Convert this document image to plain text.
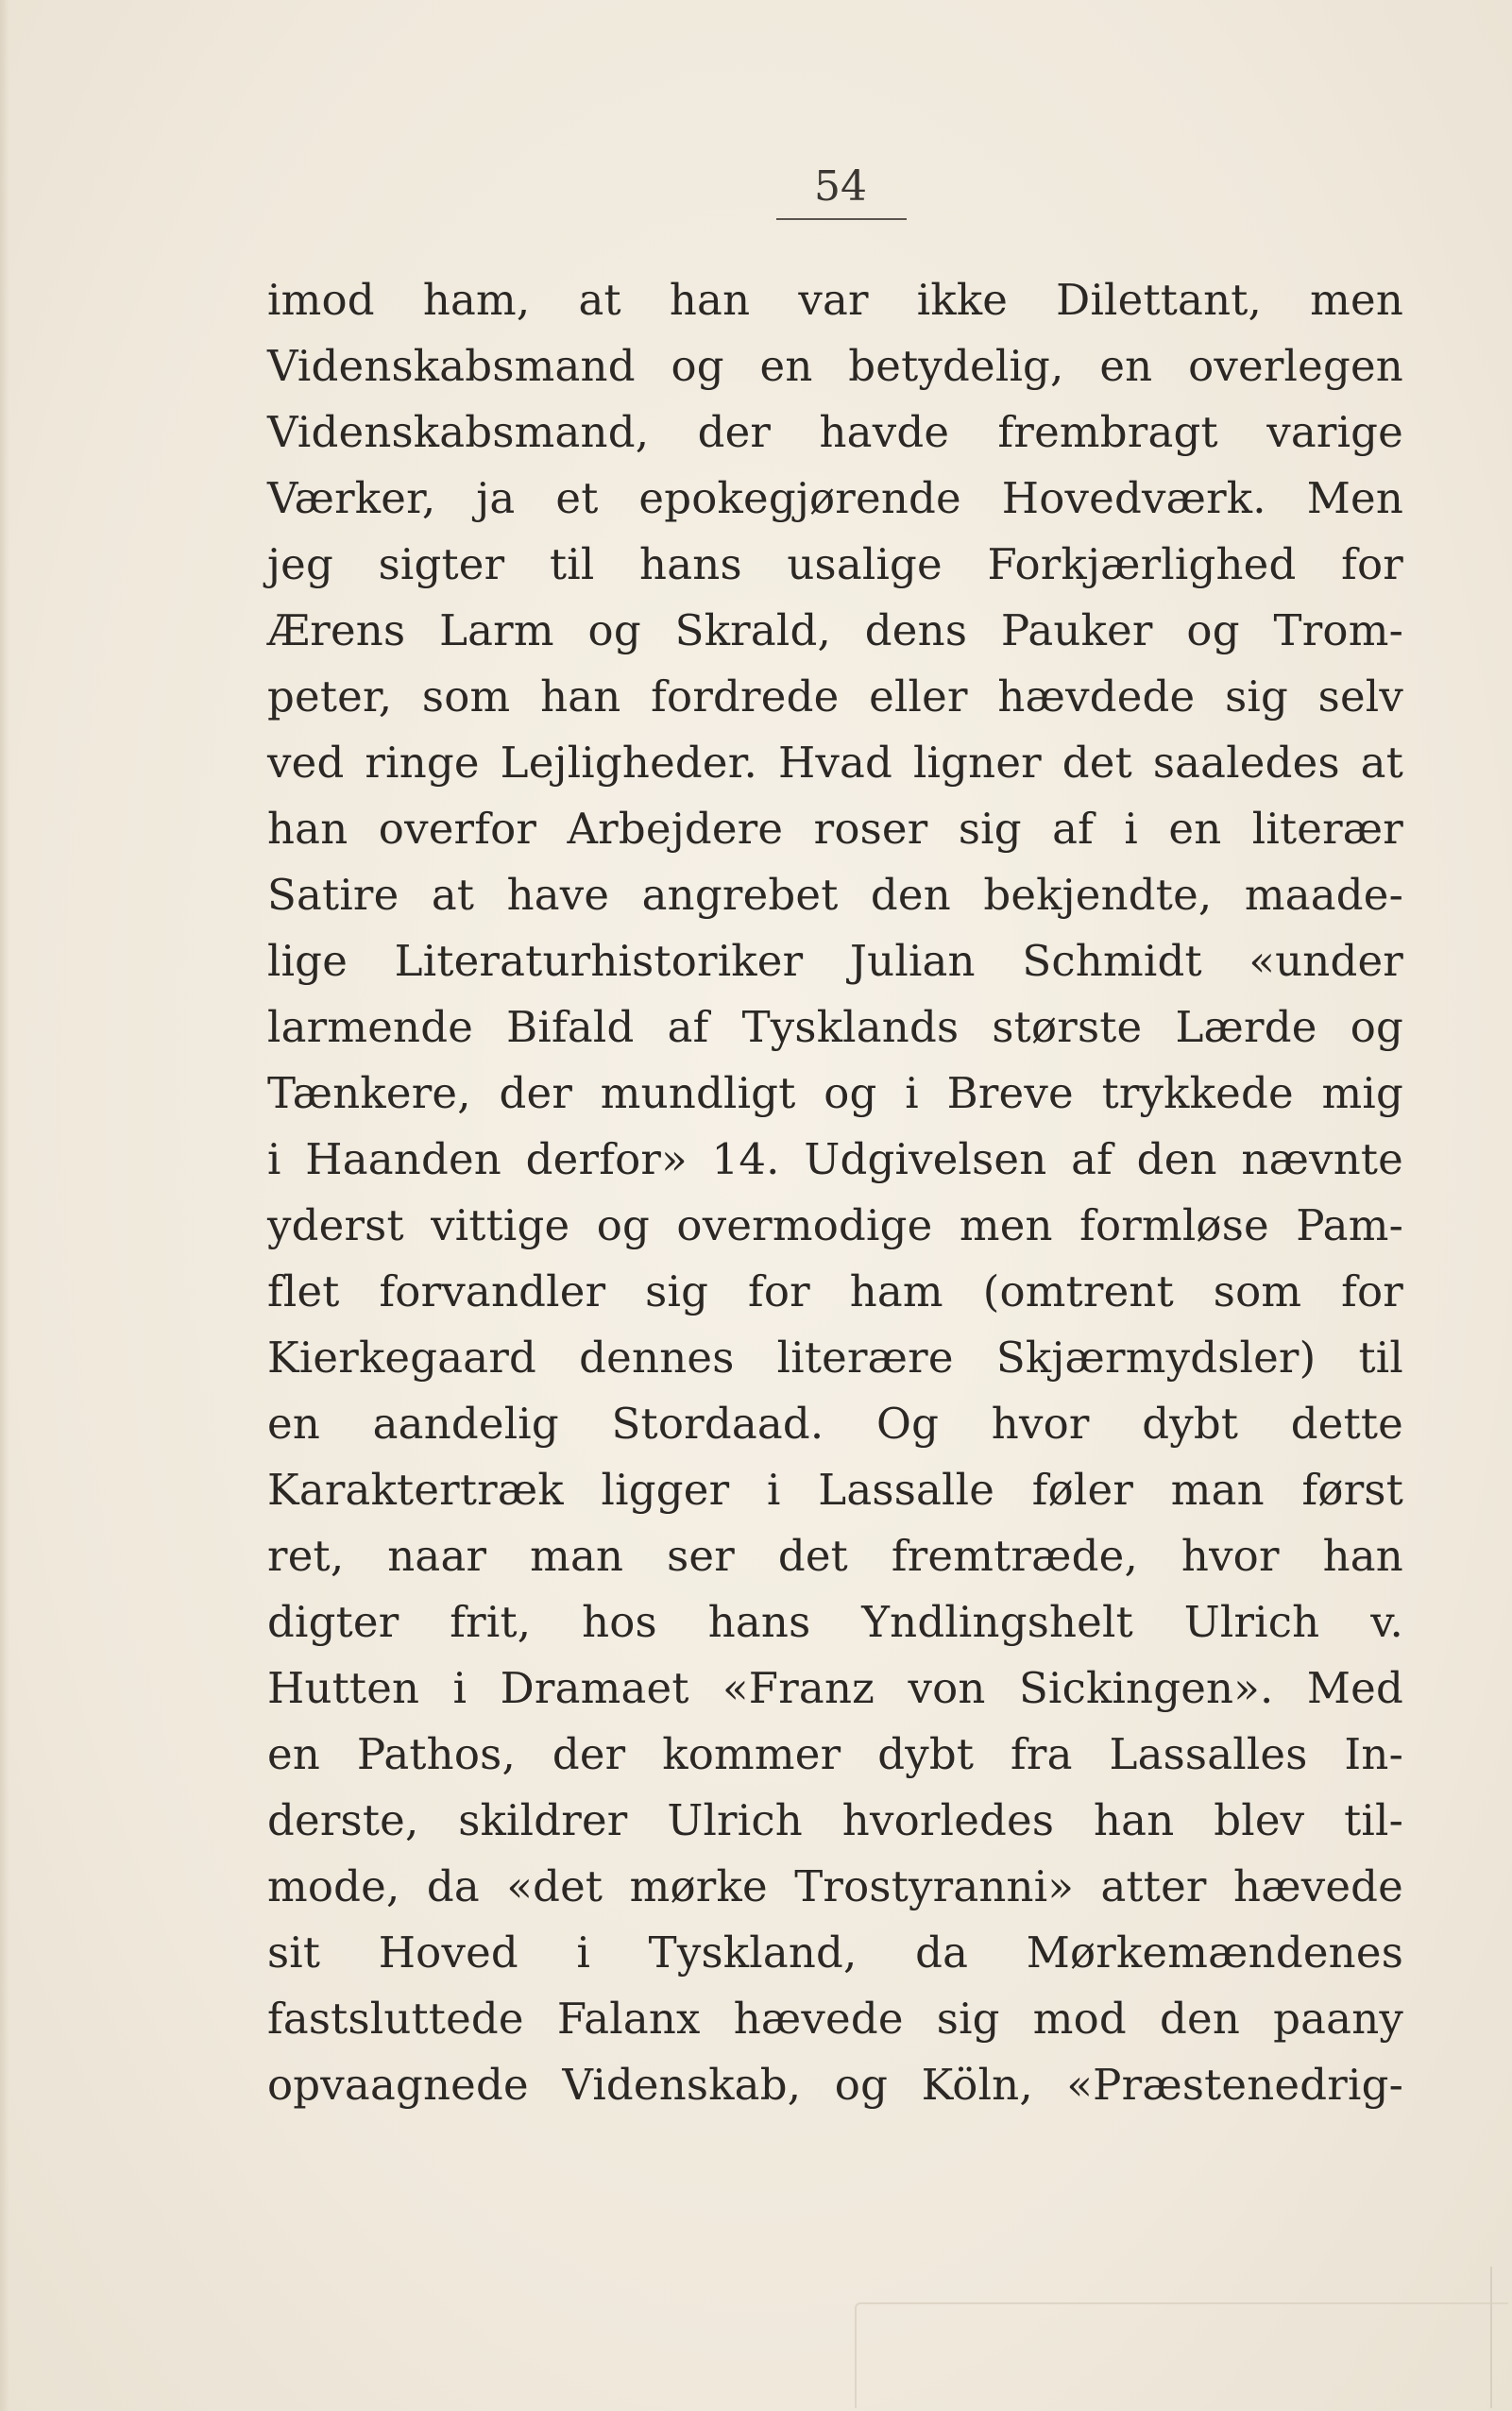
54
imod ham, at han var ikke Dilettant, men
Videnskabsmand og en betydelig, en overlegen
Videnskabsmand, der havde frembragt varige
Værker, ja et epokegjørende Hovedværk. Men
jeg sigter til hans usalige Forkjærlighed for
Ærens Larm og Skrald, dens Pauker og Trom-
peter, som han fordrede eller hævdede sig selv
ved ringe Lejligheder. Hvad ligner det saaledes at
han overfor Arbejdere roser sig af i en literær
Satire at have angrebet den bekjendte, maade-
lige Literaturhistoriker Julian Schmidt «under
larmende Bifald af Tysklands største Lærde og
Tænkere, der mundligt og i Breve trykkede mig
i Haanden derfor» 14. Udgivelsen af den nævnte
yderst vittige og overmodige men formløse Pam-
flet forvandler sig for ham (omtrent som for
Kierkegaard dennes literære Skjærmydsler) til
en aandelig Stordaad. Og hvor dybt dette
Karaktertræk ligger i Lassalle føler man først
ret, naar man ser det fremtræde, hvor han
digter frit, hos hans Yndlingshelt Ulrich v.
Hutten i Dramaet «Franz von Sickingen». Med
en Pathos, der kommer dybt fra Lassalles In-
derste, skildrer Ulrich hvorledes han blev til-
mode, da «det mørke Trostyranni» atter hævede
sit Hoved i Tyskland, da Mørkemændenes
fastsluttede Falanx hævede sig mod den paany
opvaagnede Videnskab, og Köln, «Præstenedrig-
